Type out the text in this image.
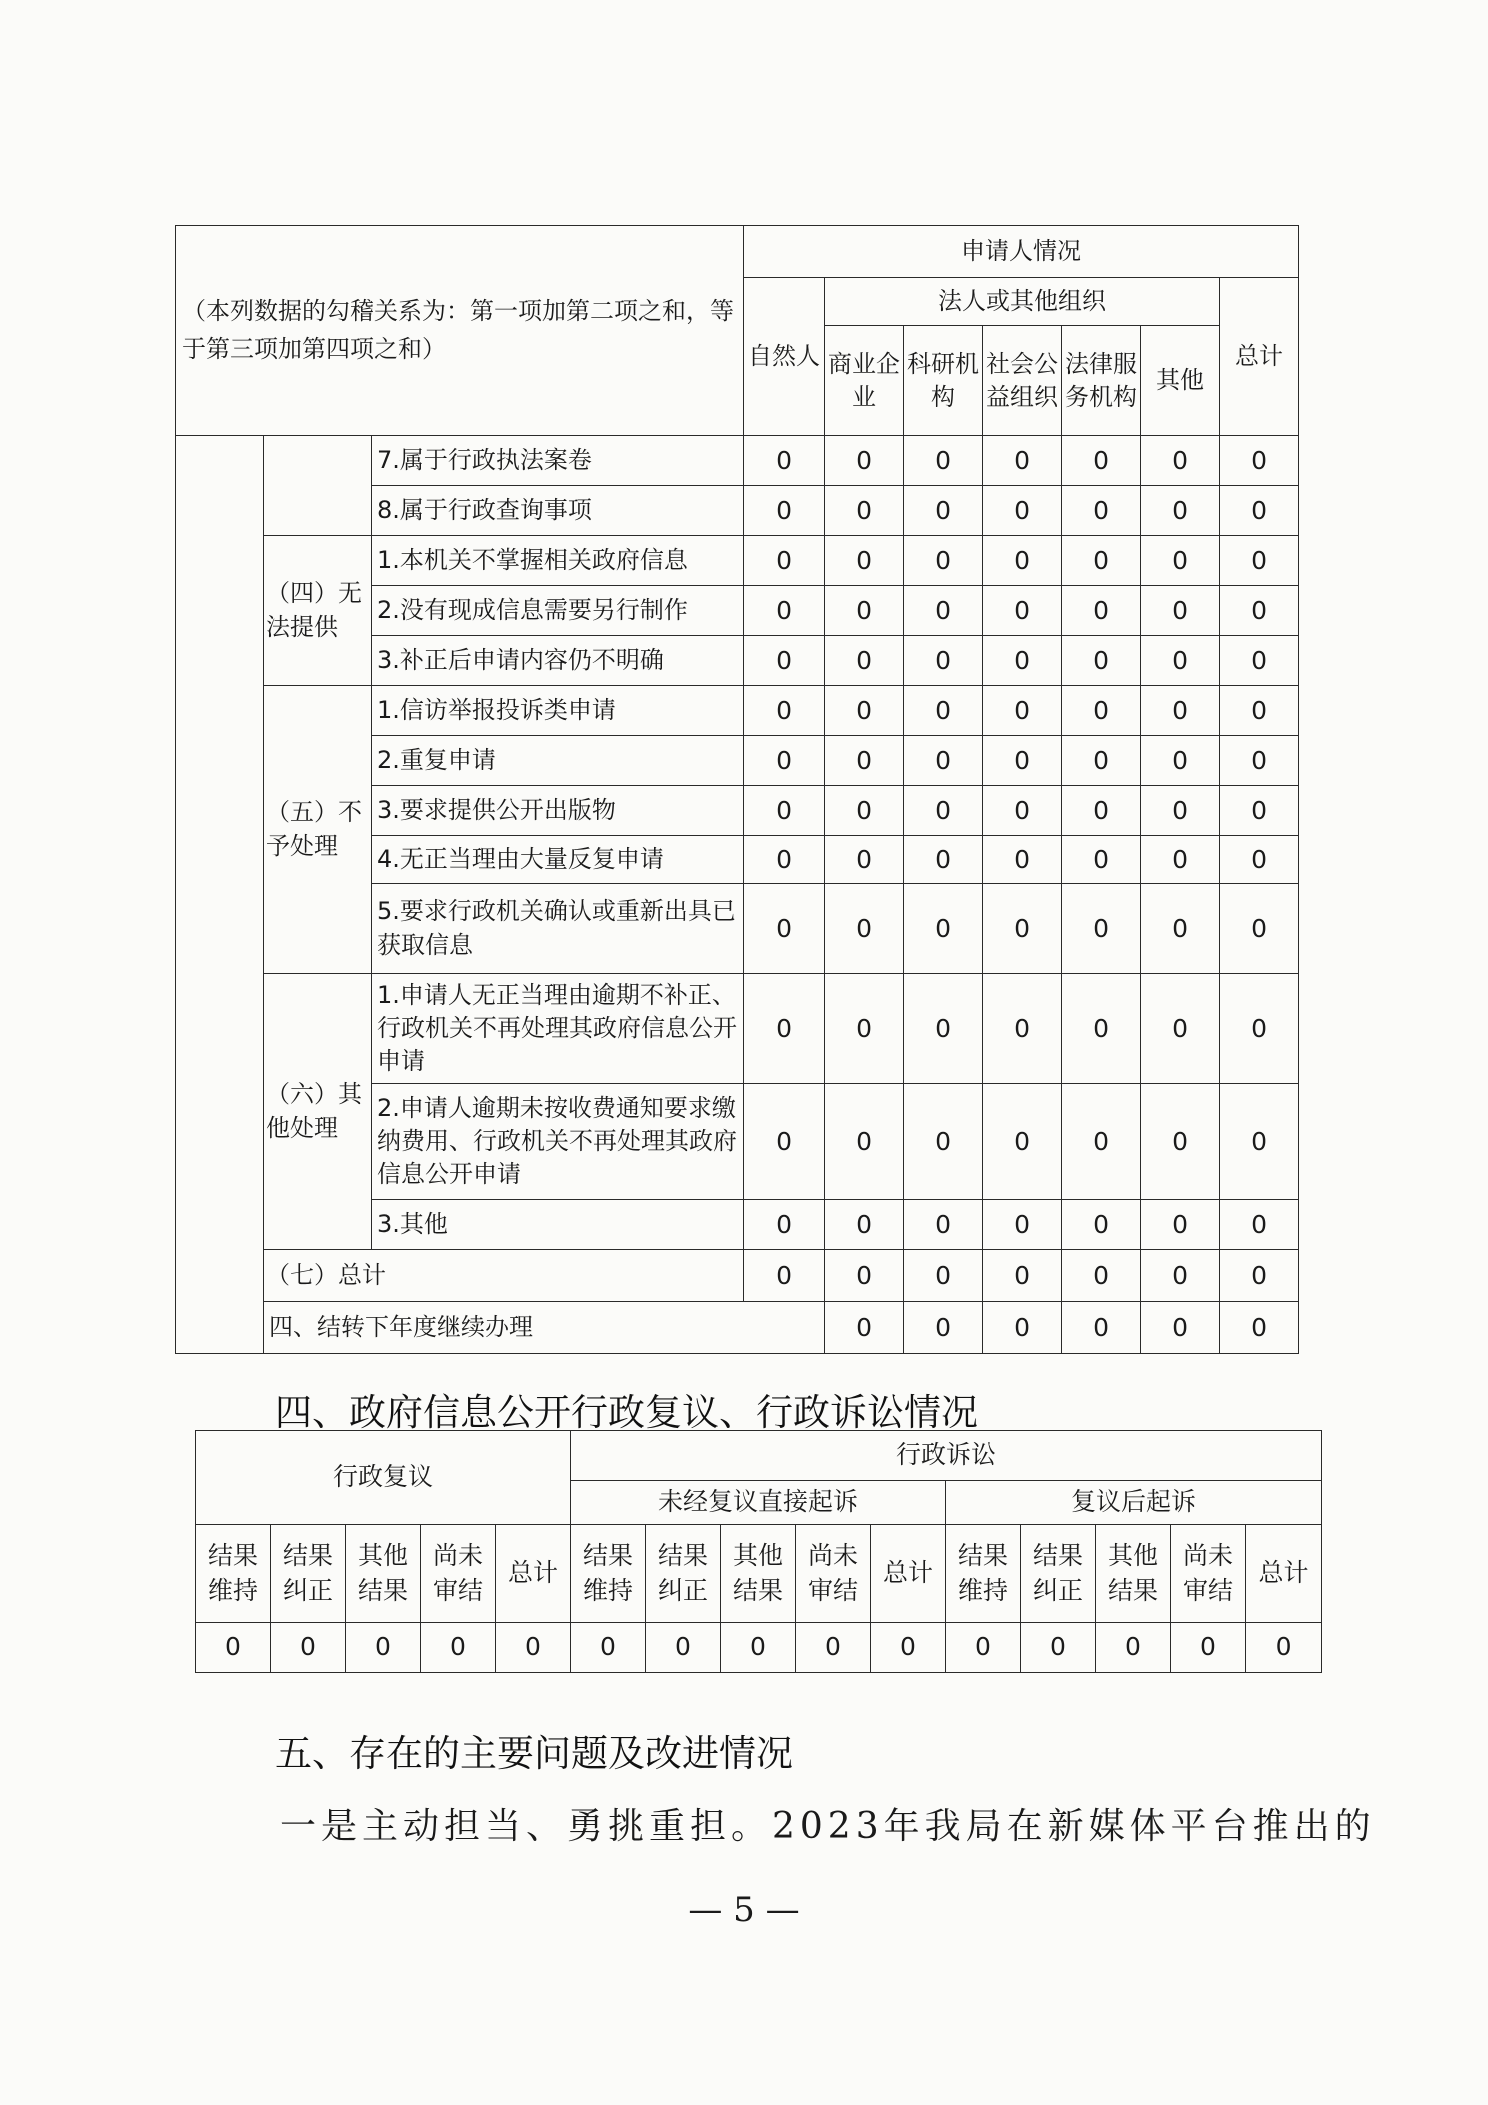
（本列数据的勾稽关系为：第一项加第二项之和，等于第三项加第四项之和）			申请人情况							
			自然人	法人或其他组织					总计	
				商业企业	科研机构	社会公益组织	法律服务机构	其他		
		7.属于行政执法案卷	0	0	0	0	0	0	0	
		8.属于行政查询事项	0	0	0	0	0	0	0	
	（四）无法提供	1.本机关不掌握相关政府信息	0	0	0	0	0	0	0	
		2.没有现成信息需要另行制作	0	0	0	0	0	0	0	
		3.补正后申请内容仍不明确	0	0	0	0	0	0	0	
	（五）不予处理	1.信访举报投诉类申请	0	0	0	0	0	0	0	
		2.重复申请	0	0	0	0	0	0	0	
		3.要求提供公开出版物	0	0	0	0	0	0	0	
		4.无正当理由大量反复申请	0	0	0	0	0	0	0	
		5.要求行政机关确认或重新出具已获取信息	0	0	0	0	0	0	0	
	（六）其他处理	1.申请人无正当理由逾期不补正、行政机关不再处理其政府信息公开申请	0	0	0	0	0	0	0	
		2.申请人逾期未按收费通知要求缴纳费用、行政机关不再处理其政府信息公开申请	0	0	0	0	0	0	0	
		3.其他	0	0	0	0	0	0	0	
	（七）总计		0	0	0	0	0	0	0	
	四、结转下年度继续办理			0	0	0	0	0	0	
四、政府信息公开行政复议、行政诉讼情况
行政复议					行政诉讼									
					未经复议直接起诉					复议后起诉				
结果维持	结果纠正	其他结果	尚未审结	总计	结果维持	结果纠正	其他结果	尚未审结	总计	结果维持	结果纠正	其他结果	尚未审结	总计
0	0	0	0	0	0	0	0	0	0	0	0	0	0	0
五、存在的主要问题及改进情况
一是主动担当、勇挑重担。2023年我局在新媒体平台推出的
— 5 —
